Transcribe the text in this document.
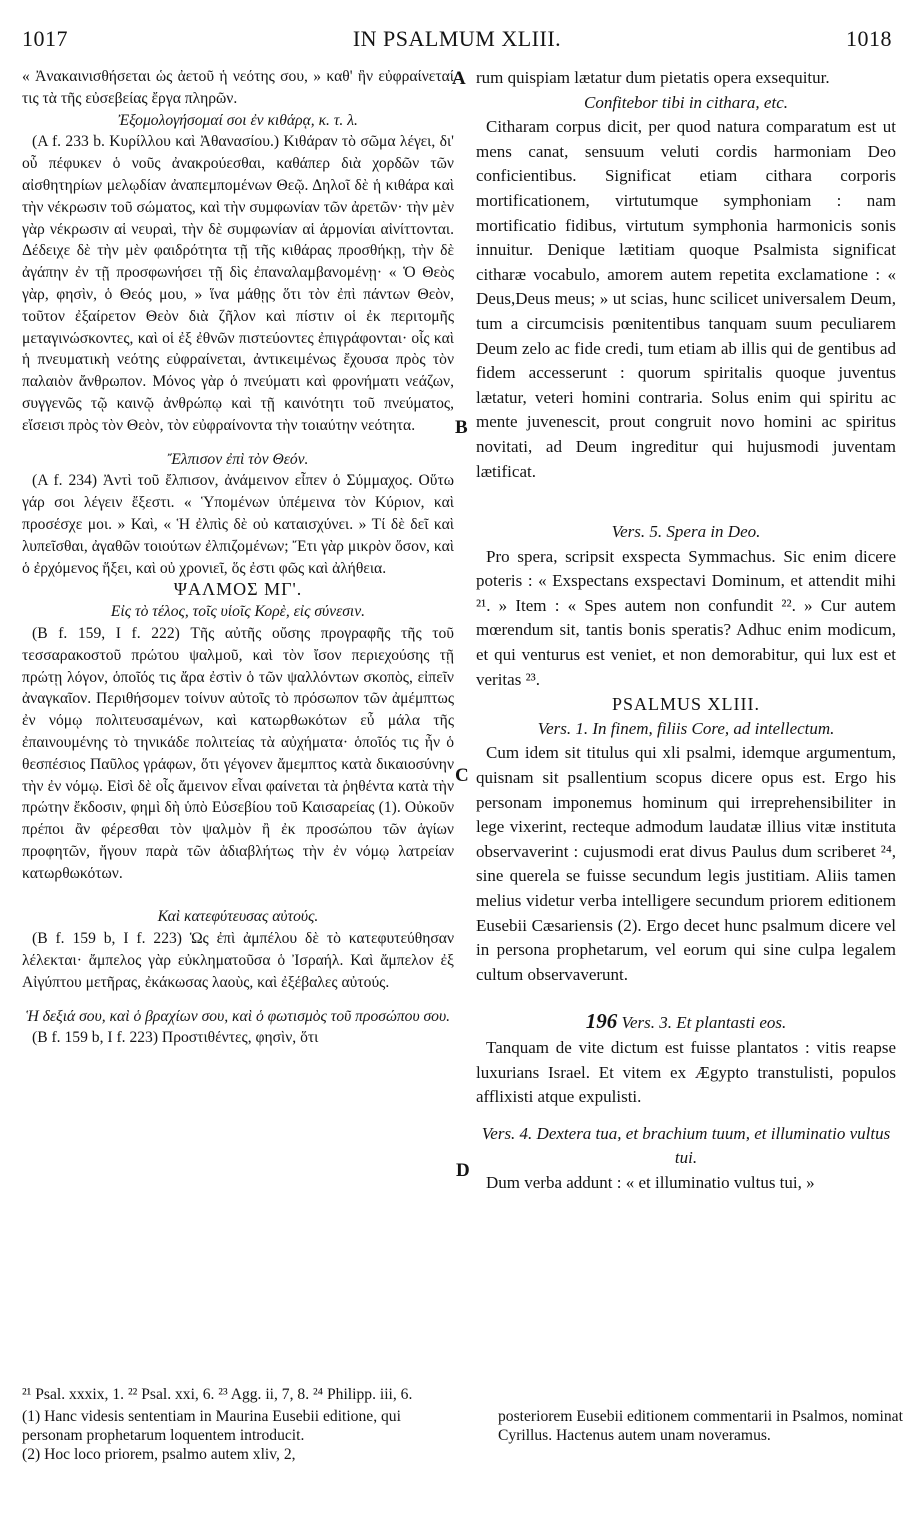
1017	IN PSALMUM XLIII.	1018
A
B
C
D

« Ἀνακαινισθήσεται ὡς ἀετοῦ ἡ νεότης σου, » καθ' ἣν εὐφραίνεταί τις τὰ τῆς εὐσεβείας ἔργα πληρῶν.

Ἐξομολογήσομαί σοι ἐν κιθάρᾳ, κ. τ. λ.

(A f. 233 b. Κυρίλλου καὶ Ἀθανασίου.) Κιθάραν τὸ σῶμα λέγει, δι' οὗ πέφυκεν ὁ νοῦς ἀνακρούεσθαι, καθάπερ διὰ χορδῶν τῶν αἰσθητηρίων μελῳδίαν ἀναπεμπομένων Θεῷ. Δηλοῖ δὲ ἡ κιθάρα καὶ τὴν νέκρωσιν τοῦ σώματος, καὶ τὴν συμφωνίαν τῶν ἀρετῶν· τὴν μὲν γὰρ νέκρωσιν αἱ νευραὶ, τὴν δὲ συμφωνίαν αἱ ἁρμονίαι αἰνίττονται. Δέδειχε δὲ τὴν μὲν φαιδρότητα τῇ τῆς κιθάρας προσθήκῃ, τὴν δὲ ἀγάπην ἐν τῇ προσφωνήσει τῇ δὶς ἐπαναλαμβανομένῃ· « Ὁ Θεὸς γὰρ, φησὶν, ὁ Θεός μου, » ἵνα μάθῃς ὅτι τὸν ἐπὶ πάντων Θεὸν, τοῦτον ἐξαίρετον Θεὸν διὰ ζῆλον καὶ πίστιν οἱ ἐκ περιτομῆς μεταγινώσκοντες, καὶ οἱ ἐξ ἐθνῶν πιστεύοντες ἐπιγράφονται· οἷς καὶ ἡ πνευματικὴ νεότης εὐφραίνεται, ἀντικειμένως ἔχουσα πρὸς τὸν παλαιὸν ἄνθρωπον. Μόνος γὰρ ὁ πνεύματι καὶ φρονήματι νεάζων, συγγενῶς τῷ καινῷ ἀνθρώπῳ καὶ τῇ καινότητι τοῦ πνεύματος, εἴσεισι πρὸς τὸν Θεὸν, τὸν εὐφραίνοντα τὴν τοιαύτην νεότητα.

Ἔλπισον ἐπὶ τὸν Θεόν.

(A f. 234) Ἀντὶ τοῦ ἔλπισον, ἀνάμεινον εἶπεν ὁ Σύμμαχος. Οὕτω γάρ σοι λέγειν ἔξεστι. « Ὑπομένων ὑπέμεινα τὸν Κύριον, καὶ προσέσχε μοι. » Καὶ, « Ἡ ἐλπὶς δὲ οὐ καταισχύνει. » Τί δὲ δεῖ καὶ λυπεῖσθαι, ἀγαθῶν τοιούτων ἐλπιζομένων; Ἔτι γὰρ μικρὸν ὅσον, καὶ ὁ ἐρχόμενος ἥξει, καὶ οὐ χρονιεῖ, ὅς ἐστι φῶς καὶ ἀλήθεια.

ΨΑΛΜΟΣ ΜΓ'.

Εἰς τὸ τέλος, τοῖς υἱοῖς Κορὲ, εἰς σύνεσιν.

(B f. 159, I f. 222) Τῆς αὐτῆς οὔσης προγραφῆς τῆς τοῦ τεσσαρακοστοῦ πρώτου ψαλμοῦ, καὶ τὸν ἴσον περιεχούσης τῇ πρώτῃ λόγον, ὁποῖός τις ἄρα ἐστὶν ὁ τῶν ψαλλόντων σκοπὸς, εἰπεῖν ἀναγκαῖον. Περιθήσομεν τοίνυν αὐτοῖς τὸ πρόσωπον τῶν ἀμέμπτως ἐν νόμῳ πολιτευσαμένων, καὶ κατωρθωκότων εὖ μάλα τῆς ἐπαινουμένης τὸ τηνικάδε πολιτείας τὰ αὐχήματα· ὁποῖός τις ἦν ὁ θεσπέσιος Παῦλος γράφων, ὅτι γέγονεν ἄμεμπτος κατὰ δικαιοσύνην τὴν ἐν νόμῳ. Εἰσὶ δὲ οἷς ἄμεινον εἶναι φαίνεται τὰ ῥηθέντα κατὰ τὴν πρώτην ἔκδοσιν, φημὶ δὴ ὑπὸ Εὐσεβίου τοῦ Καισαρείας (1). Οὐκοῦν πρέποι ἂν φέρεσθαι τὸν ψαλμὸν ἢ ἐκ προσώπου τῶν ἁγίων προφητῶν, ἤγουν παρὰ τῶν ἀδιαβλήτως τὴν ἐν νόμῳ λατρείαν κατωρθωκότων.

Καὶ κατεφύτευσας αὐτούς.

(B f. 159 b, I f. 223) Ὡς ἐπὶ ἀμπέλου δὲ τὸ κατεφυτεύθησαν λέλεκται· ἄμπελος γὰρ εὐκληματοῦσα ὁ Ἰσραήλ. Καὶ ἄμπελον ἐξ Αἰγύπτου μετῆρας, ἐκάκωσας λαοὺς, καὶ ἐξέβαλες αὐτούς.

Ἡ δεξιά σου, καὶ ὁ βραχίων σου, καὶ ὁ φωτισμὸς τοῦ προσώπου σου.

(B f. 159 b, I f. 223) Προστιθέντες, φησὶν, ὅτι

rum quispiam lætatur dum pietatis opera exsequitur.

Confitebor tibi in cithara, etc.

Citharam corpus dicit, per quod natura comparatum est ut mens canat, sensuum veluti cordis harmoniam Deo conficientibus. Significat etiam cithara corporis mortificationem, virtutumque symphoniam : nam mortificatio fidibus, virtutum symphonia harmonicis sonis innuitur. Denique lætitiam quoque Psalmista significat citharæ vocabulo, amorem autem repetita exclamatione : « Deus,Deus meus; » ut scias, hunc scilicet universalem Deum, tum a circumcisis pœnitentibus tanquam suum peculiarem Deum zelo ac fide credi, tum etiam ab illis qui de gentibus ad fidem accesserunt : quorum spiritalis quoque juventus lætatur, veteri homini contraria. Solus enim qui spiritu ac mente juvenescit, prout congruit novo homini ac spiritus novitati, ad Deum ingreditur qui hujusmodi juventam lætificat.

Vers. 5. Spera in Deo.

Pro spera, scripsit exspecta Symmachus. Sic enim dicere poteris : « Exspectans exspectavi Dominum, et attendit mihi ²¹. » Item : « Spes autem non confundit ²². » Cur autem mœrendum sit, tantis bonis speratis? Adhuc enim modicum, et qui venturus est veniet, et non demorabitur, qui lux est et veritas ²³.

PSALMUS XLIII.

Vers. 1. In finem, filiis Core, ad intellectum.

Cum idem sit titulus qui xli psalmi, idemque argumentum, quisnam sit psallentium scopus dicere opus est. Ergo his personam imponemus hominum qui irreprehensibiliter in lege vixerint, recteque admodum laudatæ illius vitæ instituta observaverint : cujusmodi erat divus Paulus dum scriberet ²⁴, sine querela se fuisse secundum legis justitiam. Aliis tamen melius videtur verba intelligere secundum priorem editionem Eusebii Cæsariensis (2). Ergo decet hunc psalmum dicere vel in persona prophetarum, vel eorum qui sine culpa legalem cultum observaverunt.

196 Vers. 3. Et plantasti eos.

Tanquam de vite dictum est fuisse plantatos : vitis reapse luxurians Israel. Et vitem ex Ægypto transtulisti, populos afflixisti atque expulisti.

Vers. 4. Dextera tua, et brachium tuum, et illuminatio vultus tui.

Dum verba addunt : « et illuminatio vultus tui, »

²¹ Psal. xxxix, 1. ²² Psal. xxi, 6. ²³ Agg. ii, 7, 8. ²⁴ Philipp. iii, 6.

(1) Hanc videsis sententiam in Maurina Eusebii editione, qui personam prophetarum loquentem introducit.

(2) Hoc loco priorem, psalmo autem xliv, 2,

posteriorem Eusebii editionem commentarii in Psalmos, nominat Cyrillus. Hactenus autem unam noveramus.
